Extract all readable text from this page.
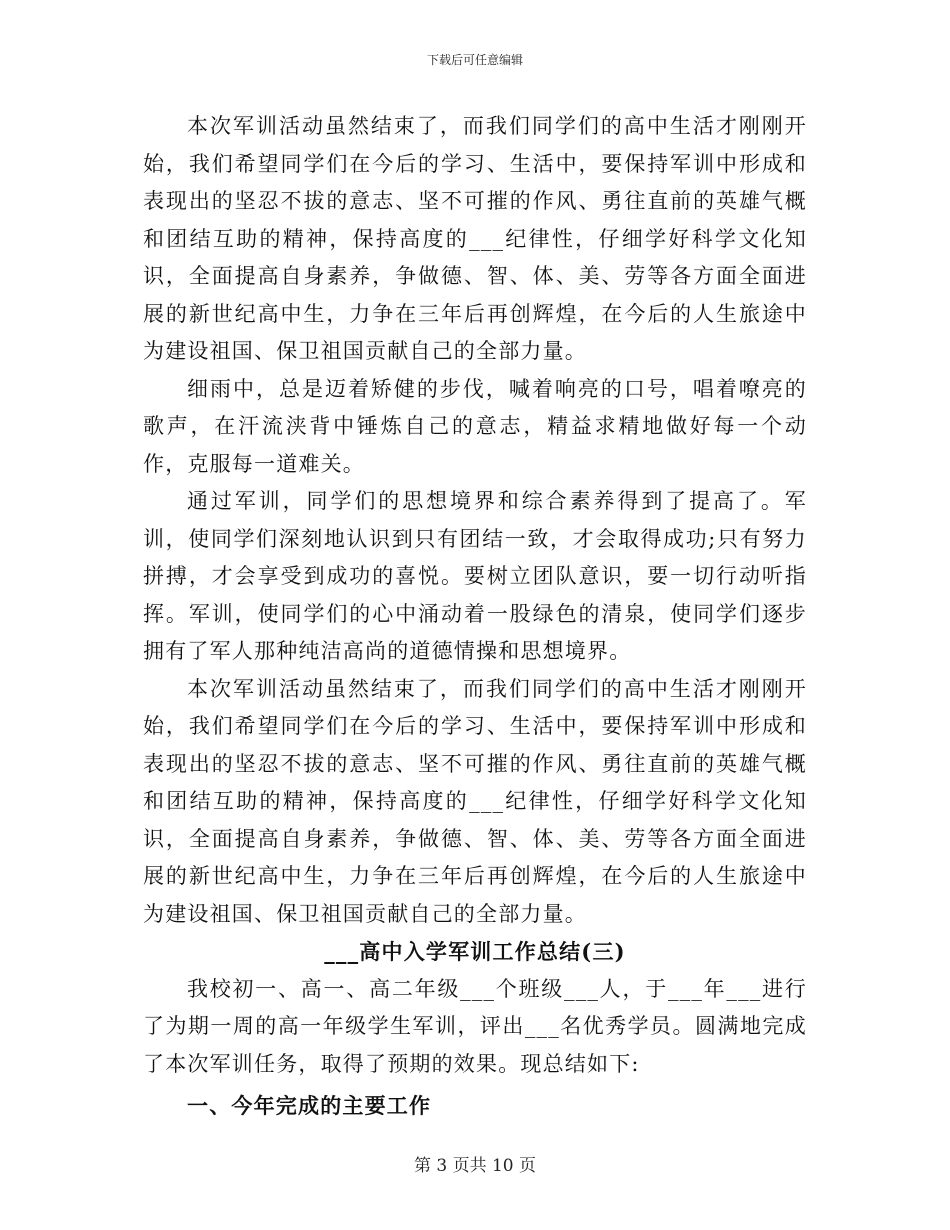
下载后可任意编辑

本次军训活动虽然结束了，而我们同学们的高中生活才刚刚开始，我们希望同学们在今后的学习、生活中，要保持军训中形成和表现出的坚忍不拔的意志、坚不可摧的作风、勇往直前的英雄气概和团结互助的精神，保持高度的___纪律性，仔细学好科学文化知识，全面提高自身素养，争做德、智、体、美、劳等各方面全面进展的新世纪高中生，力争在三年后再创辉煌，在今后的人生旅途中为建设祖国、保卫祖国贡献自己的全部力量。

细雨中，总是迈着矫健的步伐，喊着响亮的口号，唱着嘹亮的歌声，在汗流浃背中锤炼自己的意志，精益求精地做好每一个动作，克服每一道难关。

通过军训，同学们的思想境界和综合素养得到了提高了。军训，使同学们深刻地认识到只有团结一致，才会取得成功;只有努力拼搏，才会享受到成功的喜悦。要树立团队意识，要一切行动听指挥。军训，使同学们的心中涌动着一股绿色的清泉，使同学们逐步拥有了军人那种纯洁高尚的道德情操和思想境界。

本次军训活动虽然结束了，而我们同学们的高中生活才刚刚开始，我们希望同学们在今后的学习、生活中，要保持军训中形成和表现出的坚忍不拔的意志、坚不可摧的作风、勇往直前的英雄气概和团结互助的精神，保持高度的___纪律性，仔细学好科学文化知识，全面提高自身素养，争做德、智、体、美、劳等各方面全面进展的新世纪高中生，力争在三年后再创辉煌，在今后的人生旅途中为建设祖国、保卫祖国贡献自己的全部力量。

___高中入学军训工作总结(三)

我校初一、高一、高二年级___个班级___人，于___年___进行了为期一周的高一年级学生军训，评出___名优秀学员。圆满地完成了本次军训任务，取得了预期的效果。现总结如下:

一、今年完成的主要工作
第 3 页共 10 页
